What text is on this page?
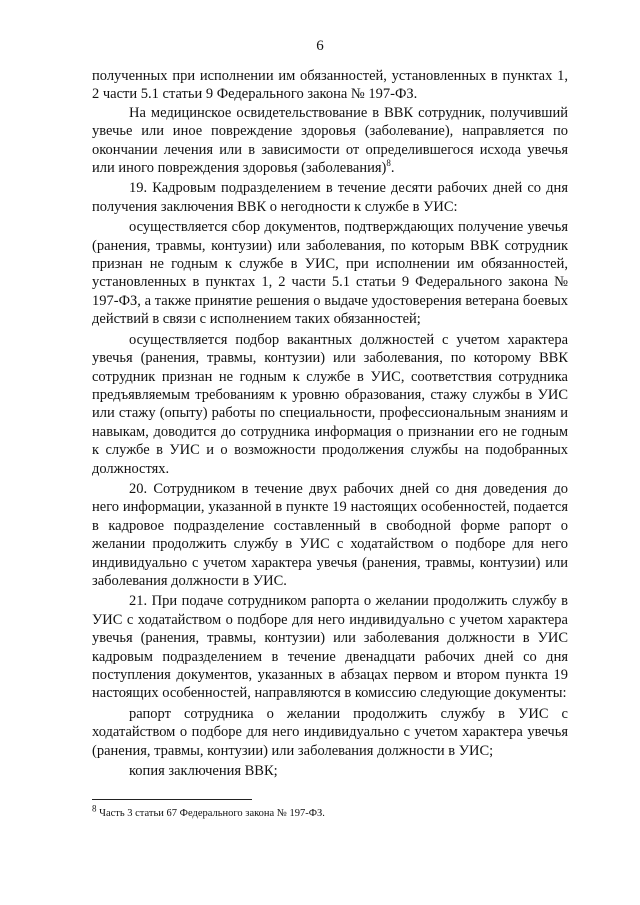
6

полученных при исполнении им обязанностей, установленных в пунктах 1, 2 части 5.1 статьи 9 Федерального закона № 197-ФЗ.

На медицинское освидетельствование в ВВК сотрудник, получивший увечье или иное повреждение здоровья (заболевание), направляется по окончании лечения или в зависимости от определившегося исхода увечья или иного повреждения здоровья (заболевания)$^8$.

19. Кадровым подразделением в течение десяти рабочих дней со дня получения заключения ВВК о негодности к службе в УИС:

осуществляется сбор документов, подтверждающих получение увечья (ранения, травмы, контузии) или заболевания, по которым ВВК сотрудник признан не годным к службе в УИС, при исполнении им обязанностей, установленных в пунктах 1, 2 части 5.1 статьи 9 Федерального закона № 197-ФЗ, а также принятие решения о выдаче удостоверения ветерана боевых действий в связи с исполнением таких обязанностей;

осуществляется подбор вакантных должностей с учетом характера увечья (ранения, травмы, контузии) или заболевания, по которому ВВК сотрудник признан не годным к службе в УИС, соответствия сотрудника предъявляемым требованиям к уровню образования, стажу службы в УИС или стажу (опыту) работы по специальности, профессиональным знаниям и навыкам, доводится до сотрудника информация о признании его не годным к службе в УИС и о возможности продолжения службы на подобранных должностях.

20. Сотрудником в течение двух рабочих дней со дня доведения до него информации, указанной в пункте 19 настоящих особенностей, подается в кадровое подразделение составленный в свободной форме рапорт о желании продолжить службу в УИС с ходатайством о подборе для него индивидуально с учетом характера увечья (ранения, травмы, контузии) или заболевания должности в УИС.

21. При подаче сотрудником рапорта о желании продолжить службу в УИС с ходатайством о подборе для него индивидуально с учетом характера увечья (ранения, травмы, контузии) или заболевания должности в УИС кадровым подразделением в течение двенадцати рабочих дней со дня поступления документов, указанных в абзацах первом и втором пункта 19 настоящих особенностей, направляются в комиссию следующие документы:

рапорт сотрудника о желании продолжить службу в УИС с ходатайством о подборе для него индивидуально с учетом характера увечья (ранения, травмы, контузии) или заболевания должности в УИС;

копия заключения ВВК;

$^8$ Часть 3 статьи 67 Федерального закона № 197-ФЗ.
